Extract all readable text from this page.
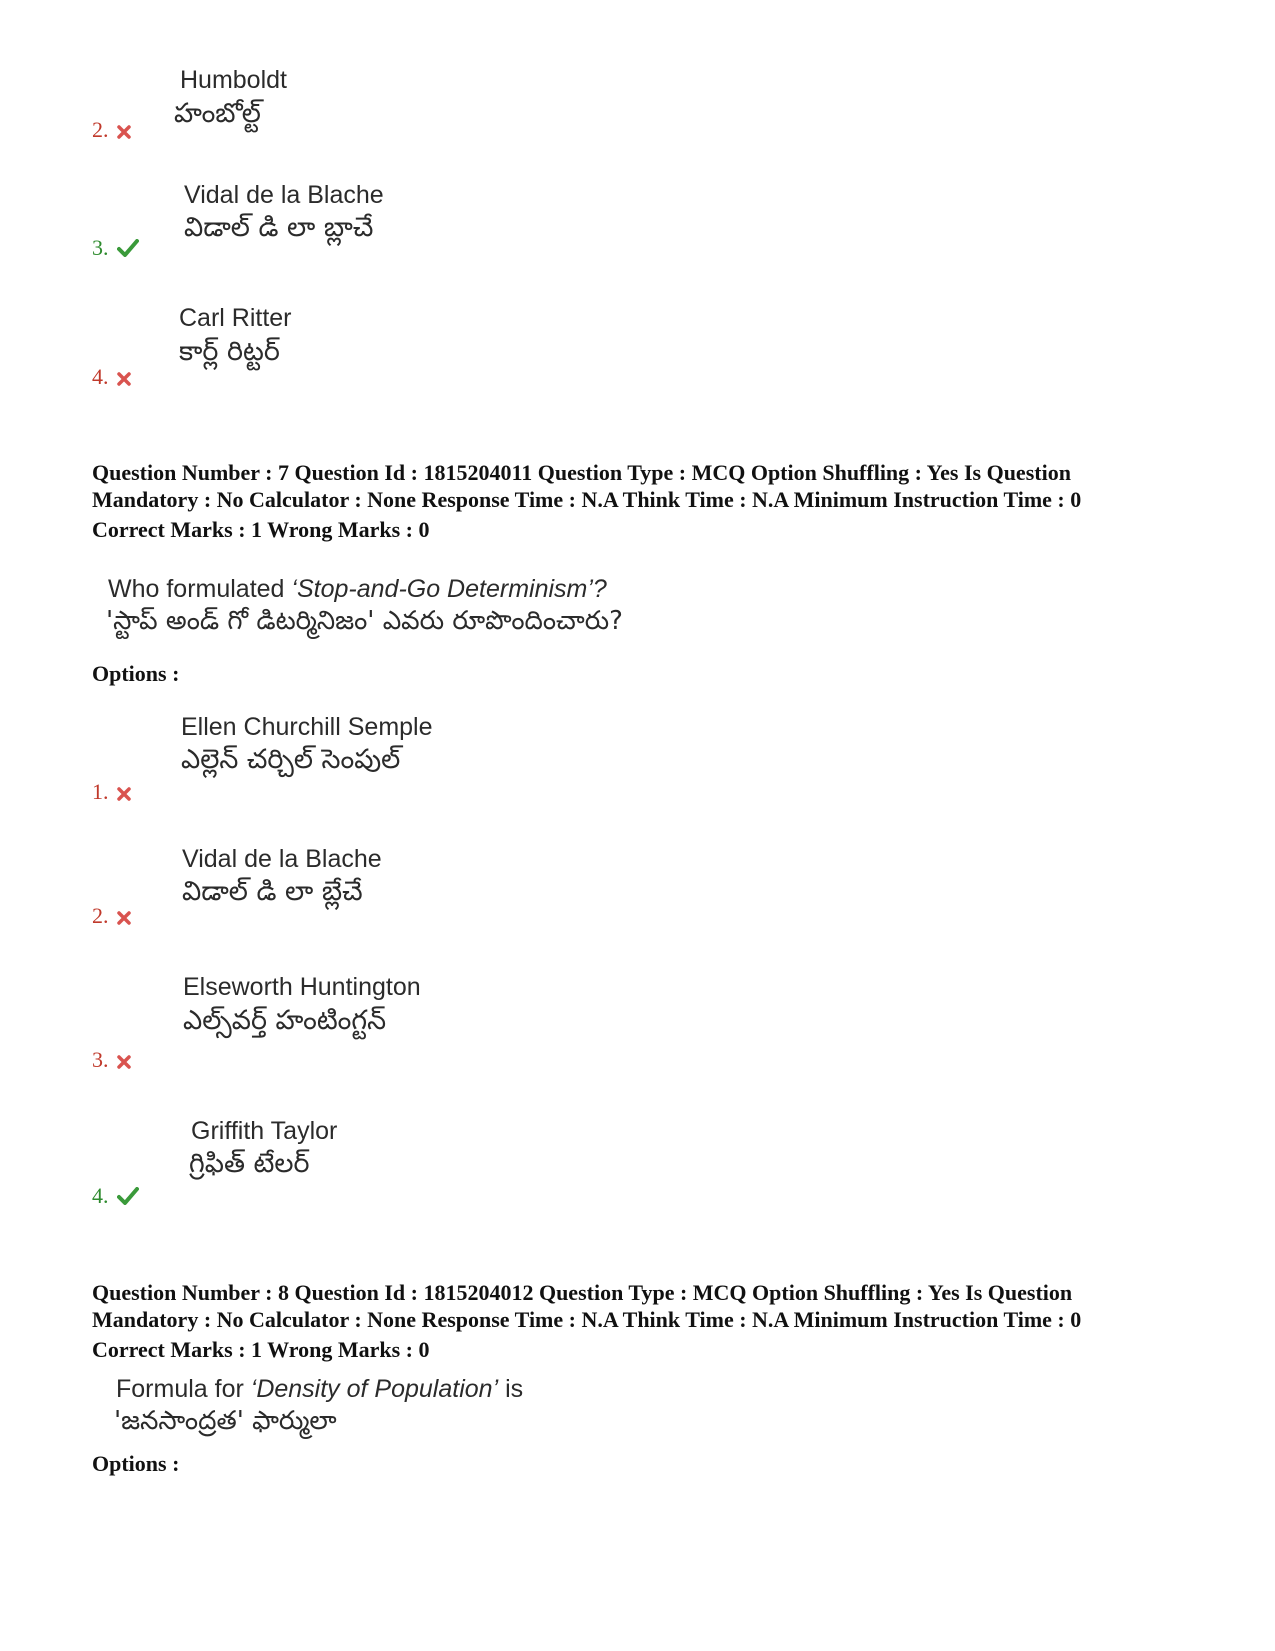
Humboldt
హంబోల్ట్
2.
Vidal de la Blache
విడాల్ డి లా బ్లాచే
3.
Carl Ritter
కార్ల్ రిట్టర్
4.
Question Number : 7 Question Id : 1815204011 Question Type : MCQ Option Shuffling : Yes Is Question
Mandatory : No Calculator : None Response Time : N.A Think Time : N.A Minimum Instruction Time : 0
Correct Marks : 1 Wrong Marks : 0
Who formulated ‘Stop-and-Go Determinism’?
'స్టాప్ అండ్ గో డిటర్మినిజం' ఎవరు రూపొందించారు?
Options :
Ellen Churchill Semple
ఎల్లెన్ చర్చిల్ సెంపుల్
1.
Vidal de la Blache
విడాల్ డి లా బ్లేచే
2.
Elseworth Huntington
ఎల్స్‌వర్త్ హంటింగ్టన్
3.
Griffith Taylor
గ్రిఫిత్ టేలర్
4.
Question Number : 8 Question Id : 1815204012 Question Type : MCQ Option Shuffling : Yes Is Question
Mandatory : No Calculator : None Response Time : N.A Think Time : N.A Minimum Instruction Time : 0
Correct Marks : 1 Wrong Marks : 0
Formula for ‘Density of Population’ is
'జనసాంద్రత' ఫార్ములా
Options :
